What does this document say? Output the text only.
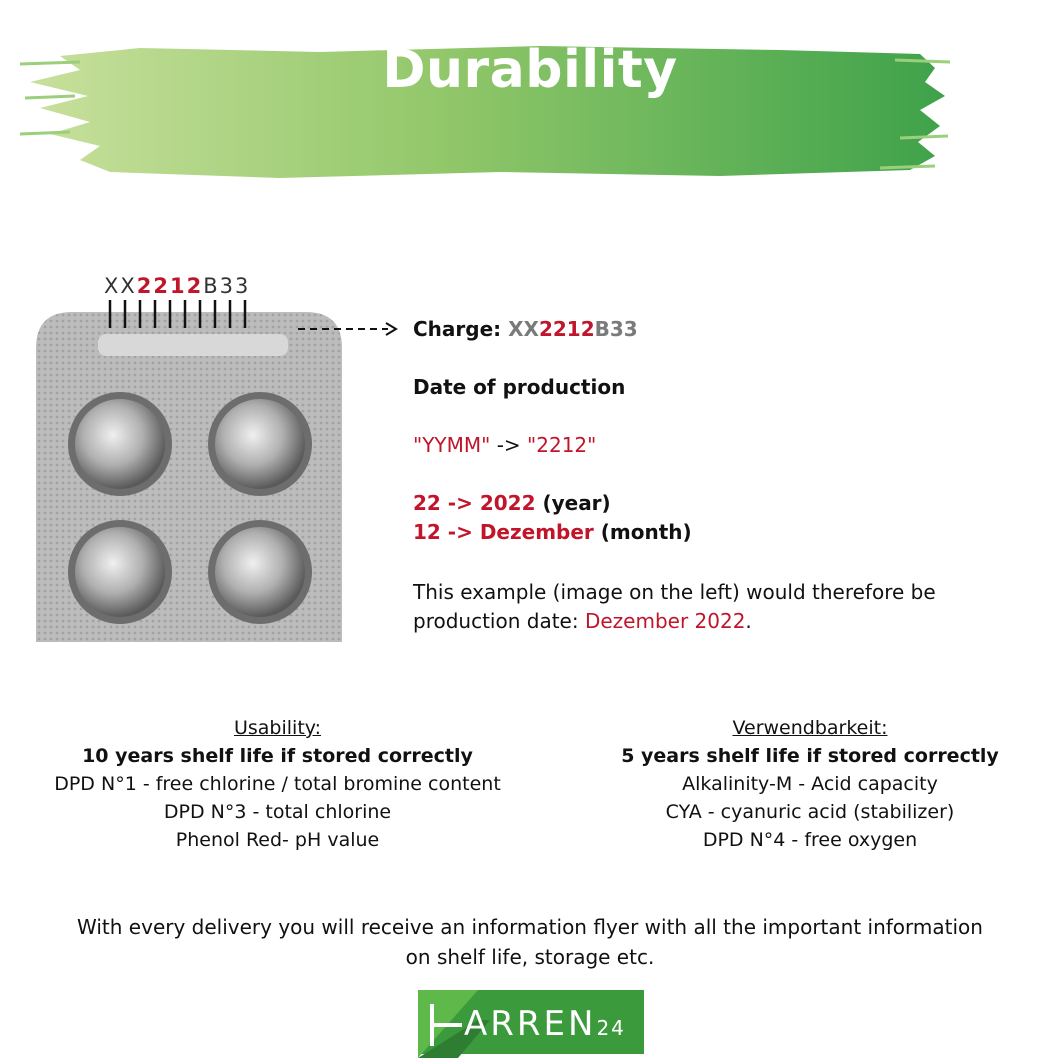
Durability
XX2212B33
Charge: XX2212B33
Date of production
"YYMM" -> "2212"
22 -> 2022 (year)
12 -> Dezember (month)
This example (image on the left) would therefore be
production date: Dezember 2022.
Usability:
10 years shelf life if stored correctly
DPD N°1 - free chlorine / total bromine content
DPD N°3 - total chlorine
Phenol Red- pH value
Verwendbarkeit:
5 years shelf life if stored correctly
Alkalinity-M - Acid capacity
CYA - cyanuric acid (stabilizer)
DPD N°4 - free oxygen
With every delivery you will receive an information flyer with all the important information
on shelf life, storage etc.
ARREN24
